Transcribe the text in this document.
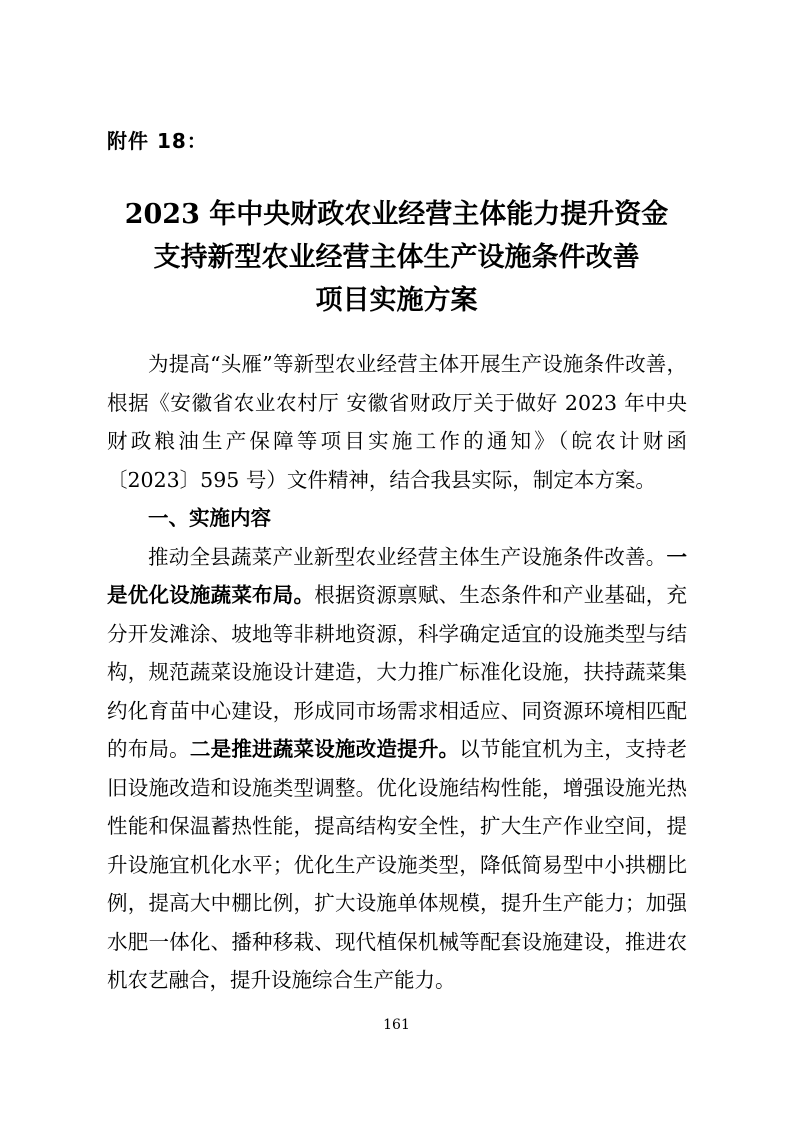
附件 18：
2023 年中央财政农业经营主体能力提升资金
支持新型农业经营主体生产设施条件改善
项目实施方案

为提高“头雁”等新型农业经营主体开展生产设施条件改善，根据《安徽省农业农村厅 安徽省财政厅关于做好 2023 年中央财政粮油生产保障等项目实施工作的通知》（皖农计财函〔2023〕595 号）文件精神，结合我县实际，制定本方案。

一、实施内容

推动全县蔬菜产业新型农业经营主体生产设施条件改善。一是优化设施蔬菜布局。根据资源禀赋、生态条件和产业基础，充分开发滩涂、坡地等非耕地资源，科学确定适宜的设施类型与结构，规范蔬菜设施设计建造，大力推广标准化设施，扶持蔬菜集约化育苗中心建设，形成同市场需求相适应、同资源环境相匹配的布局。二是推进蔬菜设施改造提升。以节能宜机为主，支持老旧设施改造和设施类型调整。优化设施结构性能，增强设施光热性能和保温蓄热性能，提高结构安全性，扩大生产作业空间，提升设施宜机化水平；优化生产设施类型，降低简易型中小拱棚比例，提高大中棚比例，扩大设施单体规模，提升生产能力；加强水肥一体化、播种移栽、现代植保机械等配套设施建设，推进农机农艺融合，提升设施综合生产能力。

161
